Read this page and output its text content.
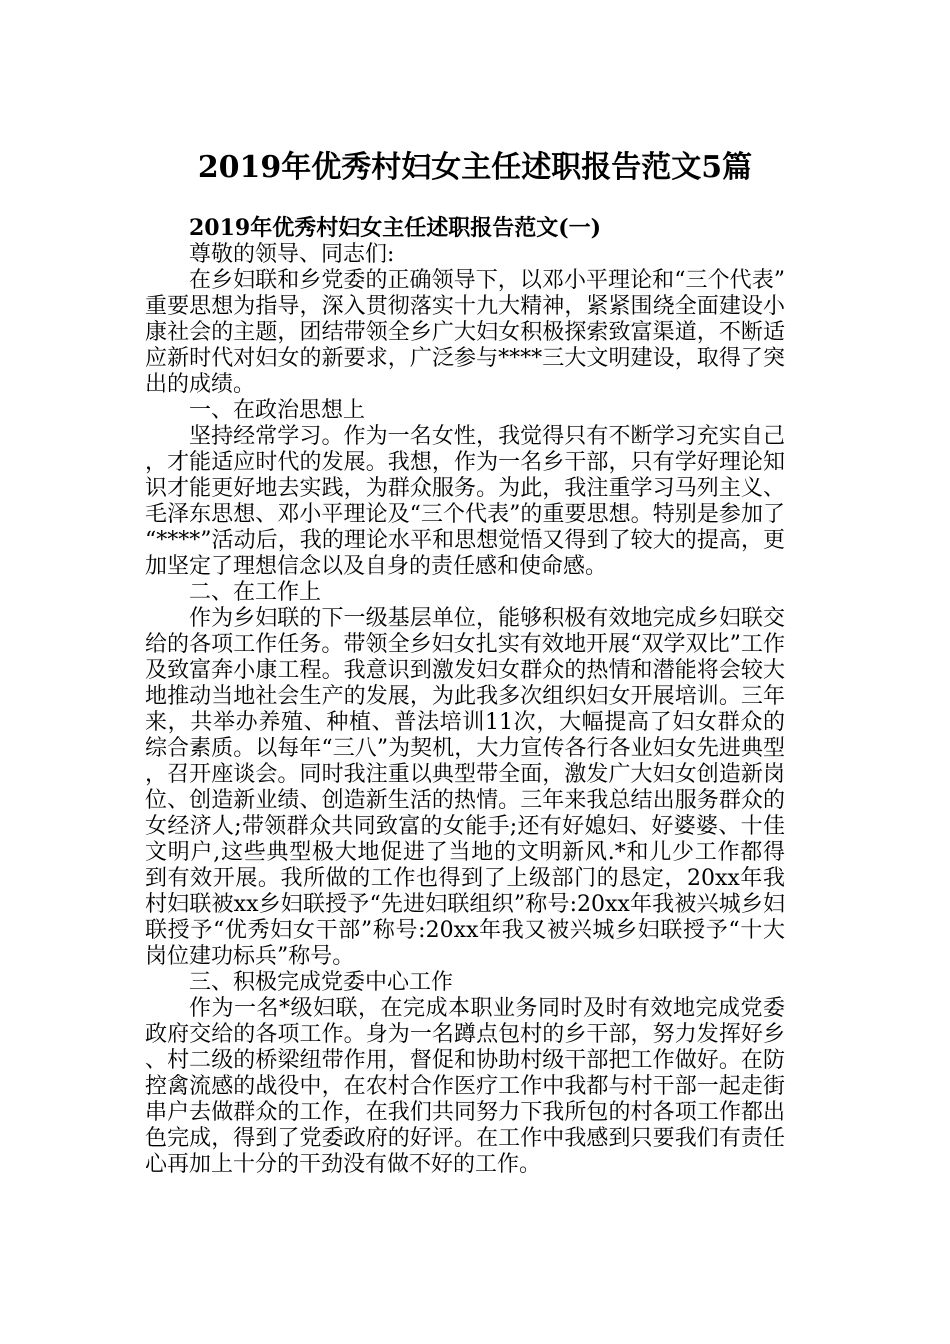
2019年优秀村妇女主任述职报告范文5篇

2019年优秀村妇女主任述职报告范文(一)

尊敬的领导、同志们:

在乡妇联和乡党委的正确领导下，以邓小平理论和“三个代表”重要思想为指导，深入贯彻落实十九大精神，紧紧围绕全面建设小康社会的主题，团结带领全乡广大妇女积极探索致富渠道，不断适应新时代对妇女的新要求，广泛参与****三大文明建设，取得了突出的成绩。

一、在政治思想上

坚持经常学习。作为一名女性，我觉得只有不断学习充实自己，才能适应时代的发展。我想，作为一名乡干部，只有学好理论知识才能更好地去实践，为群众服务。为此，我注重学习马列主义、毛泽东思想、邓小平理论及“三个代表”的重要思想。特别是参加了“****”活动后，我的理论水平和思想觉悟又得到了较大的提高，更加坚定了理想信念以及自身的责任感和使命感。

二、在工作上

作为乡妇联的下一级基层单位，能够积极有效地完成乡妇联交给的各项工作任务。带领全乡妇女扎实有效地开展“双学双比”工作及致富奔小康工程。我意识到激发妇女群众的热情和潜能将会较大地推动当地社会生产的发展，为此我多次组织妇女开展培训。三年来，共举办养殖、种植、普法培训11次，大幅提高了妇女群众的综合素质。以每年“三八”为契机，大力宣传各行各业妇女先进典型，召开座谈会。同时我注重以典型带全面，激发广大妇女创造新岗位、创造新业绩、创造新生活的热情。三年来我总结出服务群众的女经济人;带领群众共同致富的女能手;还有好媳妇、好婆婆、十佳文明户,这些典型极大地促进了当地的文明新风.*和儿少工作都得到有效开展。我所做的工作也得到了上级部门的恳定，20xx年我村妇联被xx乡妇联授予“先进妇联组织”称号:20xx年我被兴城乡妇联授予“优秀妇女干部”称号:20xx年我又被兴城乡妇联授予“十大岗位建功标兵”称号。

三、积极完成党委中心工作

作为一名*级妇联，在完成本职业务同时及时有效地完成党委政府交给的各项工作。身为一名蹲点包村的乡干部，努力发挥好乡、村二级的桥梁纽带作用，督促和协助村级干部把工作做好。在防控禽流感的战役中，在农村合作医疗工作中我都与村干部一起走街串户去做群众的工作，在我们共同努力下我所包的村各项工作都出色完成，得到了党委政府的好评。在工作中我感到只要我们有责任心再加上十分的干劲没有做不好的工作。
